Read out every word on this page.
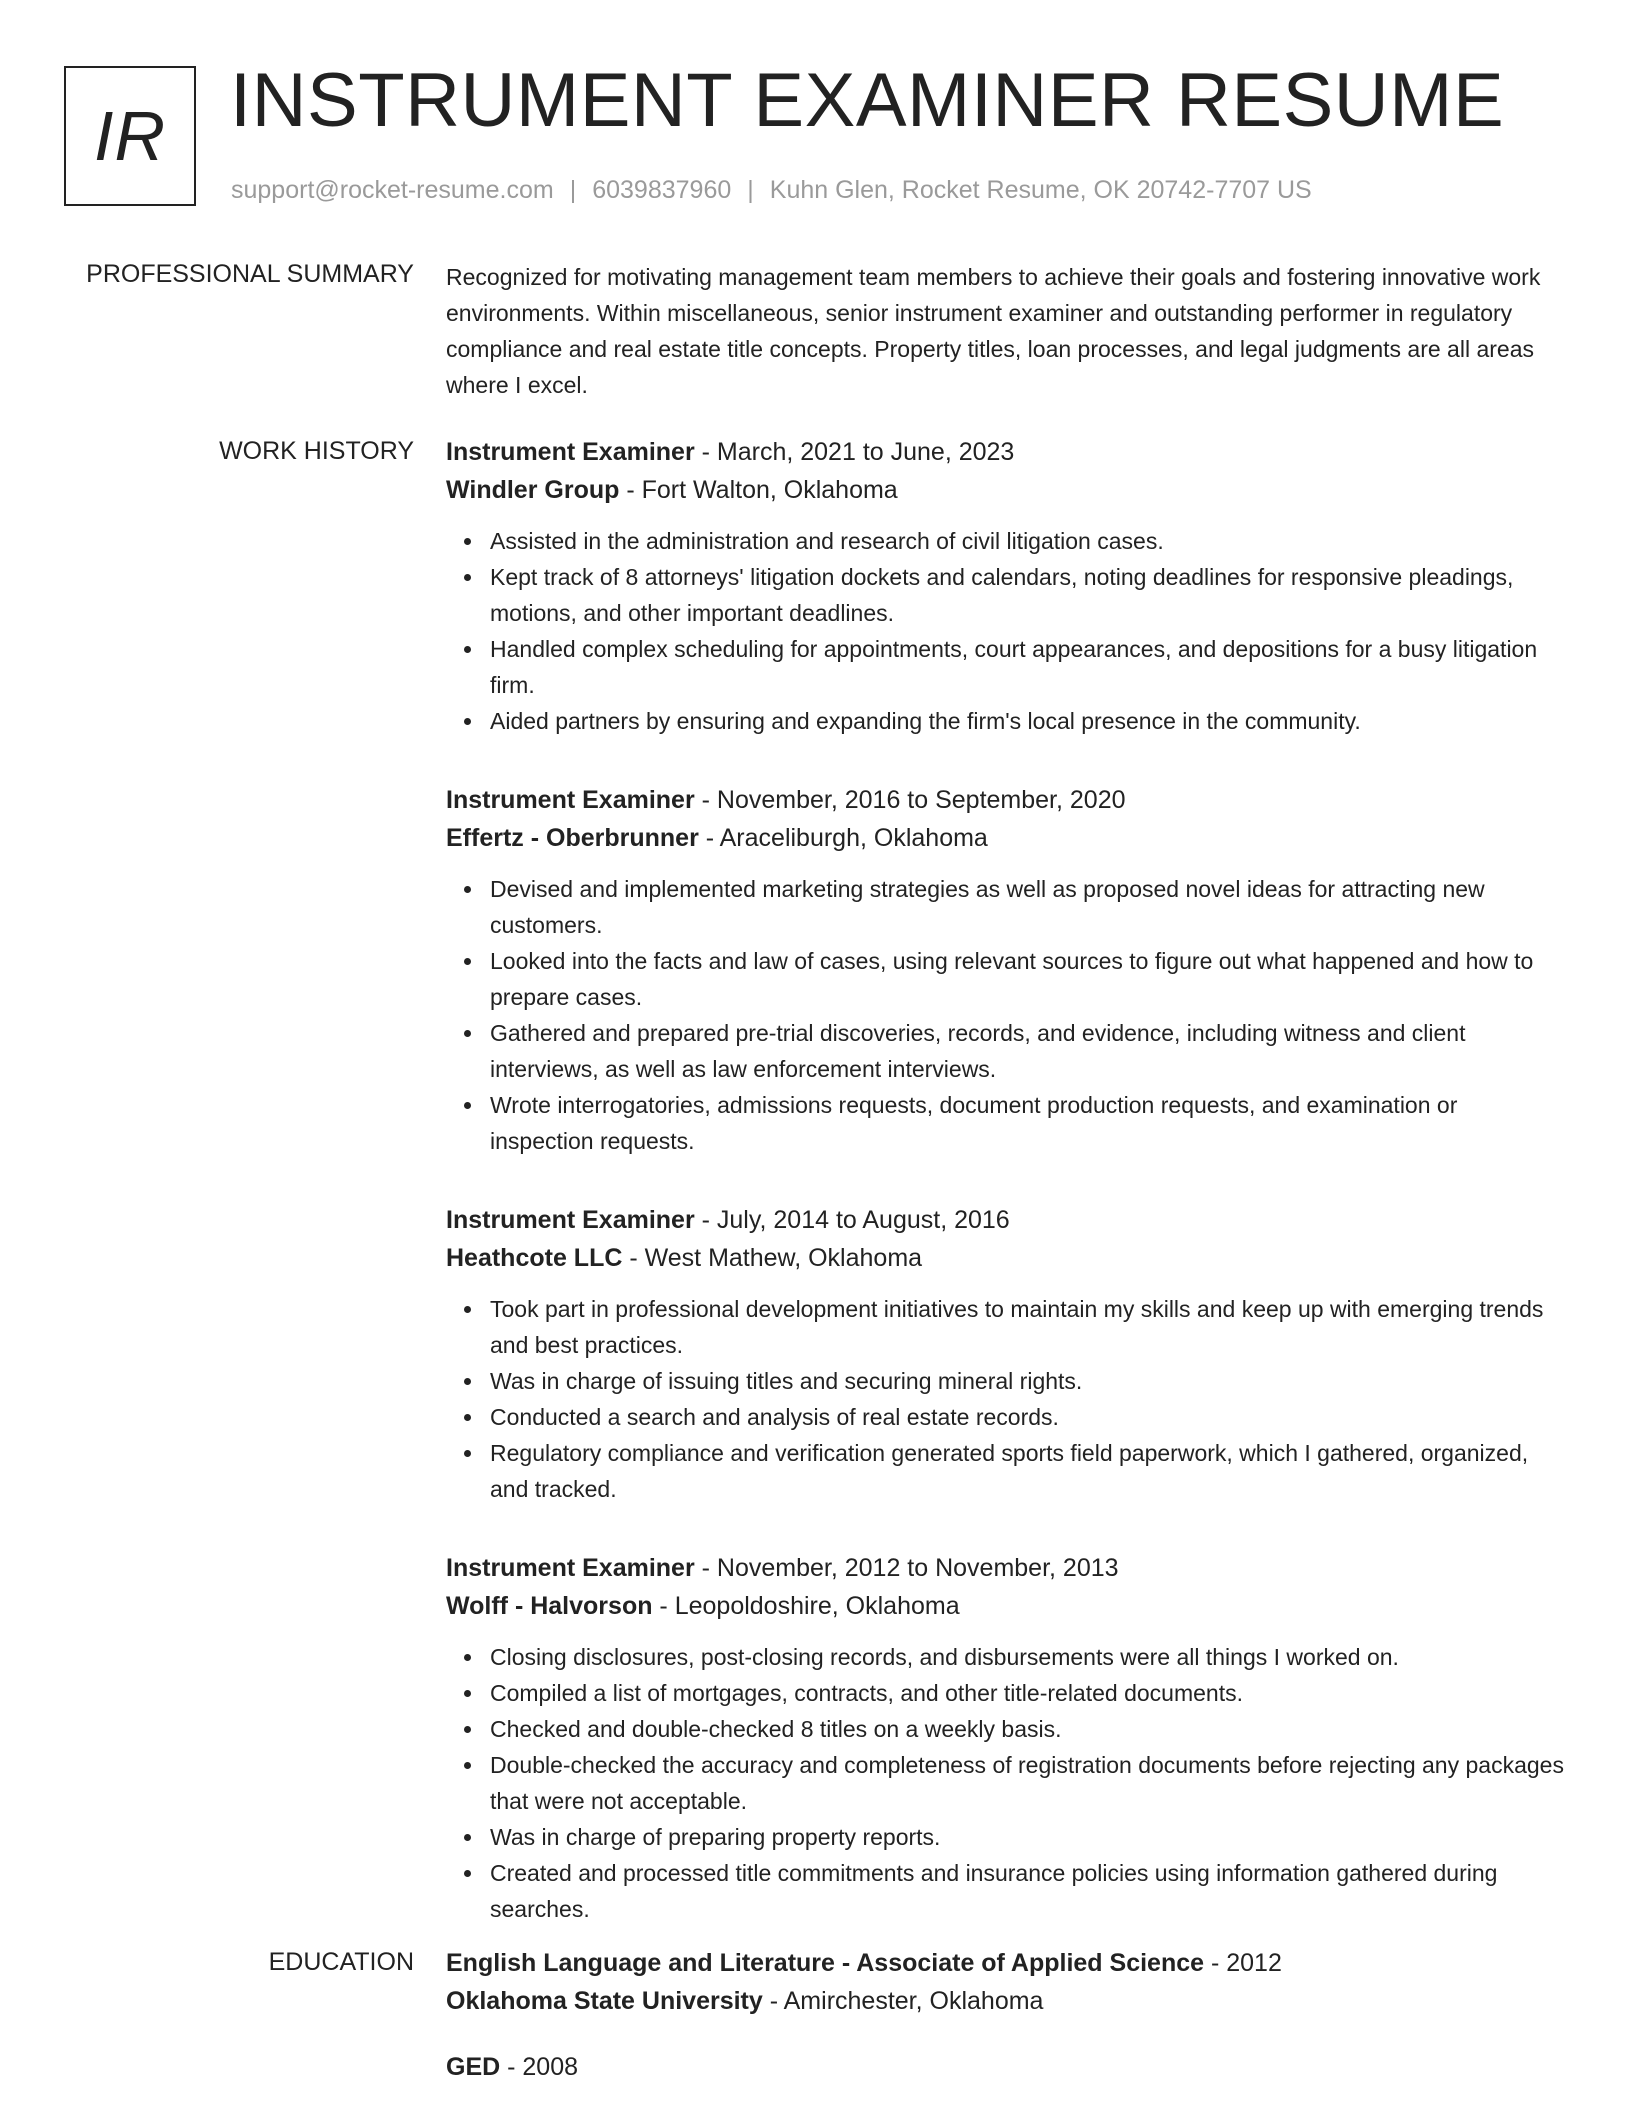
IR INSTRUMENT EXAMINER RESUME
support@rocket-resume.com | 6039837960 | Kuhn Glen, Rocket Resume, OK 20742-7707 US
PROFESSIONAL SUMMARY Recognized for motivating management team members to achieve their goals and fostering innovative work environments. Within miscellaneous, senior instrument examiner and outstanding performer in regulatory compliance and real estate title concepts. Property titles, loan processes, and legal judgments are all areas where I excel.

WORK HISTORY Instrument Examiner - March, 2021 to June, 2023
Windler Group - Fort Walton, Oklahoma
Assisted in the administration and research of civil litigation cases.
Kept track of 8 attorneys' litigation dockets and calendars, noting deadlines for responsive pleadings, motions, and other important deadlines.
Handled complex scheduling for appointments, court appearances, and depositions for a busy litigation firm.
Aided partners by ensuring and expanding the firm's local presence in the community.
Instrument Examiner - November, 2016 to September, 2020
Effertz - Oberbrunner - Araceliburgh, Oklahoma
Devised and implemented marketing strategies as well as proposed novel ideas for attracting new customers.
Looked into the facts and law of cases, using relevant sources to figure out what happened and how to prepare cases.
Gathered and prepared pre-trial discoveries, records, and evidence, including witness and client interviews, as well as law enforcement interviews.
Wrote interrogatories, admissions requests, document production requests, and examination or inspection requests.
Instrument Examiner - July, 2014 to August, 2016
Heathcote LLC - West Mathew, Oklahoma
Took part in professional development initiatives to maintain my skills and keep up with emerging trends and best practices.
Was in charge of issuing titles and securing mineral rights.
Conducted a search and analysis of real estate records.
Regulatory compliance and verification generated sports field paperwork, which I gathered, organized, and tracked.
Instrument Examiner - November, 2012 to November, 2013
Wolff - Halvorson - Leopoldoshire, Oklahoma
Closing disclosures, post-closing records, and disbursements were all things I worked on.
Compiled a list of mortgages, contracts, and other title-related documents.
Checked and double-checked 8 titles on a weekly basis.
Double-checked the accuracy and completeness of registration documents before rejecting any packages that were not acceptable.
Was in charge of preparing property reports.
Created and processed title commitments and insurance policies using information gathered during searches.
EDUCATION English Language and Literature - Associate of Applied Science - 2012
Oklahoma State University - Amirchester, Oklahoma
GED - 2008
